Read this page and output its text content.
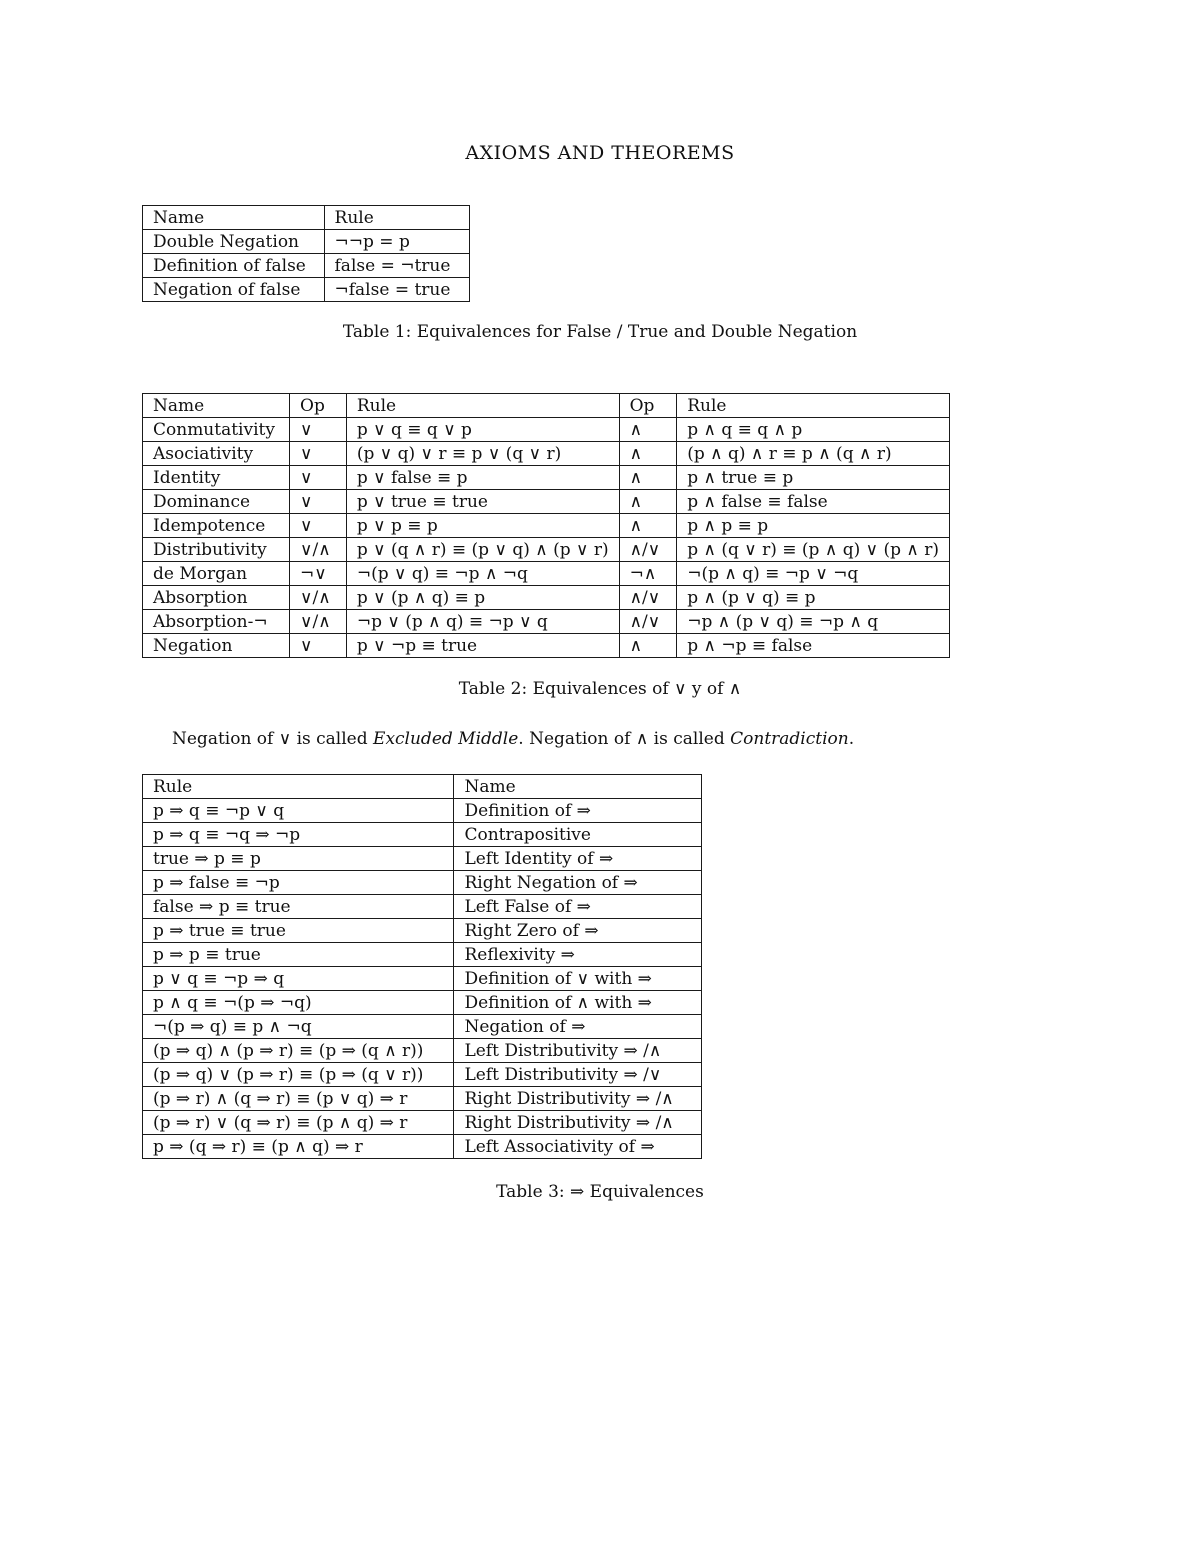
AXIOMS AND THEOREMS
Name	Rule
Double Negation	¬¬p = p
Definition of false	false = ¬true
Negation of false	¬false = true
Table 1: Equivalences for False / True and Double Negation
Name	Op	Rule	Op	Rule
Conmutativity	∨	p ∨ q ≡ q ∨ p	∧	p ∧ q ≡ q ∧ p
Asociativity	∨	(p ∨ q) ∨ r ≡ p ∨ (q ∨ r)	∧	(p ∧ q) ∧ r ≡ p ∧ (q ∧ r)
Identity	∨	p ∨ false ≡ p	∧	p ∧ true ≡ p
Dominance	∨	p ∨ true ≡ true	∧	p ∧ false ≡ false
Idempotence	∨	p ∨ p ≡ p	∧	p ∧ p ≡ p
Distributivity	∨/∧	p ∨ (q ∧ r) ≡ (p ∨ q) ∧ (p ∨ r)	∧/∨	p ∧ (q ∨ r) ≡ (p ∧ q) ∨ (p ∧ r)
de Morgan	¬∨	¬(p ∨ q) ≡ ¬p ∧ ¬q	¬∧	¬(p ∧ q) ≡ ¬p ∨ ¬q
Absorption	∨/∧	p ∨ (p ∧ q) ≡ p	∧/∨	p ∧ (p ∨ q) ≡ p
Absorption-¬	∨/∧	¬p ∨ (p ∧ q) ≡ ¬p ∨ q	∧/∨	¬p ∧ (p ∨ q) ≡ ¬p ∧ q
Negation	∨	p ∨ ¬p ≡ true	∧	p ∧ ¬p ≡ false
Table 2: Equivalences of ∨ y of ∧
Negation of ∨ is called Excluded Middle. Negation of ∧ is called Contradiction.
Rule	Name
p ⇒ q ≡ ¬p ∨ q	Definition of ⇒
p ⇒ q ≡ ¬q ⇒ ¬p	Contrapositive
true ⇒ p ≡ p	Left Identity of ⇒
p ⇒ false ≡ ¬p	Right Negation of ⇒
false ⇒ p ≡ true	Left False of ⇒
p ⇒ true ≡ true	Right Zero of ⇒
p ⇒ p ≡ true	Reflexivity ⇒
p ∨ q ≡ ¬p ⇒ q	Definition of ∨ with ⇒
p ∧ q ≡ ¬(p ⇒ ¬q)	Definition of ∧ with ⇒
¬(p ⇒ q) ≡ p ∧ ¬q	Negation of ⇒
(p ⇒ q) ∧ (p ⇒ r) ≡ (p ⇒ (q ∧ r))	Left Distributivity ⇒ /∧
(p ⇒ q) ∨ (p ⇒ r) ≡ (p ⇒ (q ∨ r))	Left Distributivity ⇒ /∨
(p ⇒ r) ∧ (q ⇒ r) ≡ (p ∨ q) ⇒ r	Right Distributivity ⇒ /∧
(p ⇒ r) ∨ (q ⇒ r) ≡ (p ∧ q) ⇒ r	Right Distributivity ⇒ /∧
p ⇒ (q ⇒ r) ≡ (p ∧ q) ⇒ r	Left Associativity of ⇒
Table 3: ⇒ Equivalences
